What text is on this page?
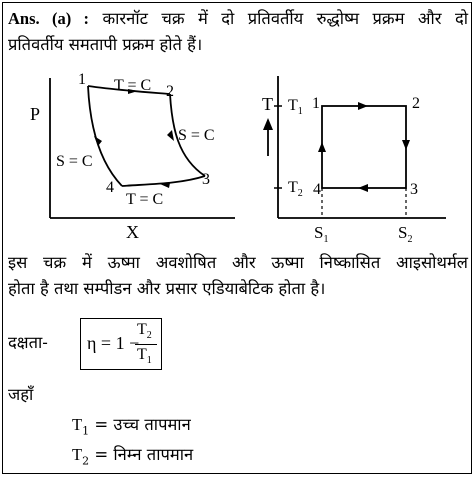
Ans. (a) : कारनॉट चक्र में दो प्रतिवर्तीय रुद्धोष्म प्रक्रम और दो
प्रतिवर्तीय समतापी प्रक्रम होते हैं।
P
X
1
2
3
4
T = C
S = C
S = C
T = C
T $T_1$
$T_2$
1	2
3
4
$S_1$	$S_2$
इस चक्र में ऊष्मा अवशोषित और ऊष्मा निष्कासित आइसोथर्मल
होता है तथा सम्पीडन और प्रसार एडियाबेटिक होता है।
दक्षता- η = 1 −
$T_2$
$T_1$
जहाँ
$T_1$ = उच्च तापमान
$T_2$ = निम्न तापमान
